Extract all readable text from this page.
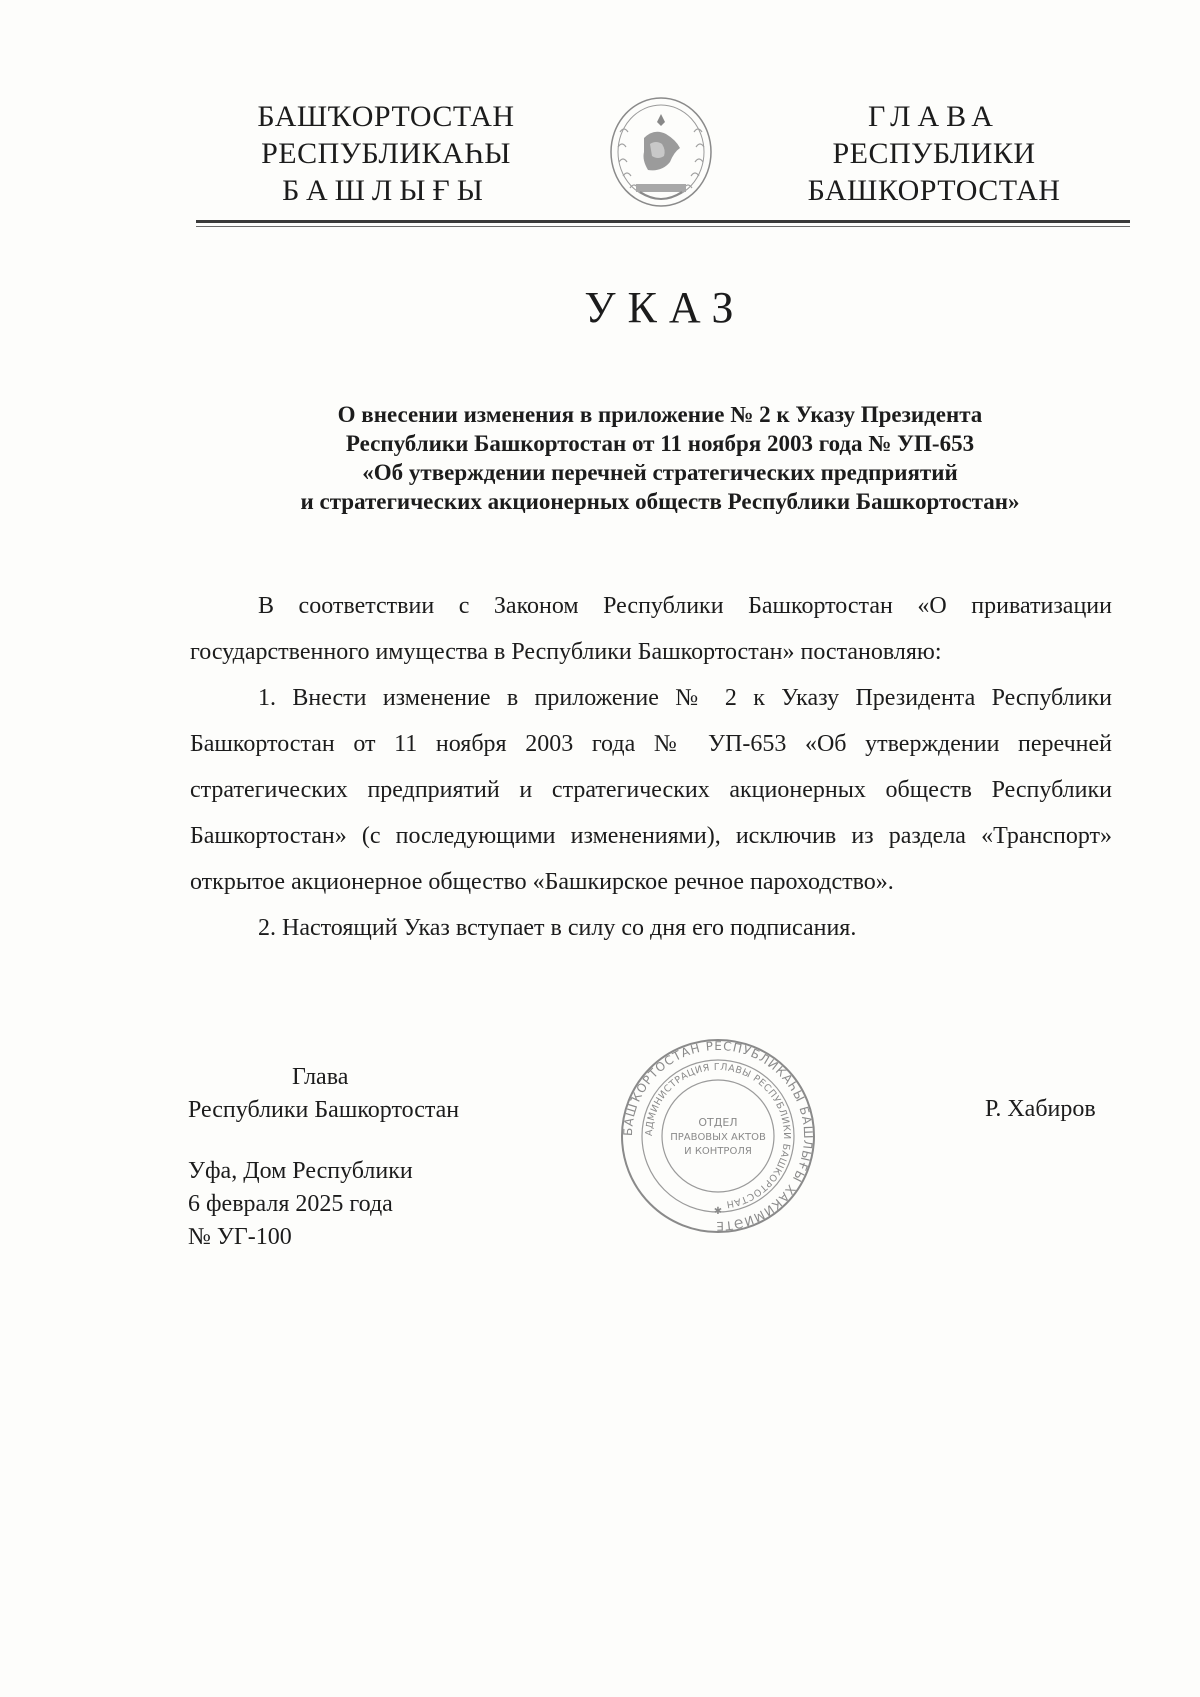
БАШҠОРТОСТАН
РЕСПУБЛИКАҺЫ
БАШЛЫҒЫ
ГЛАВА
РЕСПУБЛИКИ
БАШКОРТОСТАН
УКАЗ
О внесении изменения в приложение № 2 к Указу Президента
Республики Башкортостан от 11 ноября 2003 года № УП-653
«Об утверждении перечней стратегических предприятий
и стратегических акционерных обществ Республики Башкортостан»

В соответствии с Законом Республики Башкортостан «О приватизации государственного имущества в Республики Башкортостан» постановляю:

1. Внести изменение в приложение № 2 к Указу Президента Республики Башкортостан от 11 ноября 2003 года № УП-653 «Об утверждении перечней стратегических предприятий и стратегических акционерных обществ Республики Башкортостан» (с последующими изменениями), исключив из раздела «Транспорт» открытое акционерное общество «Башкирское речное пароходство».

2. Настоящий Указ вступает в силу со дня его подписания.

Глава
Республики Башкортостан
БАШҠОРТОСТАН РЕСПУБЛИКАҺЫ БАШЛЫҒЫ ХАКИМИӘТЕ
АДМИНИСТРАЦИЯ ГЛАВЫ РЕСПУБЛИКИ БАШКОРТОСТАН
ОТДЕЛ
ПРАВОВЫХ АКТОВ
И КОНТРОЛЯ
✱
Р. Хабиров
Уфа, Дом Республики
6 февраля 2025 года
№ УГ-100
